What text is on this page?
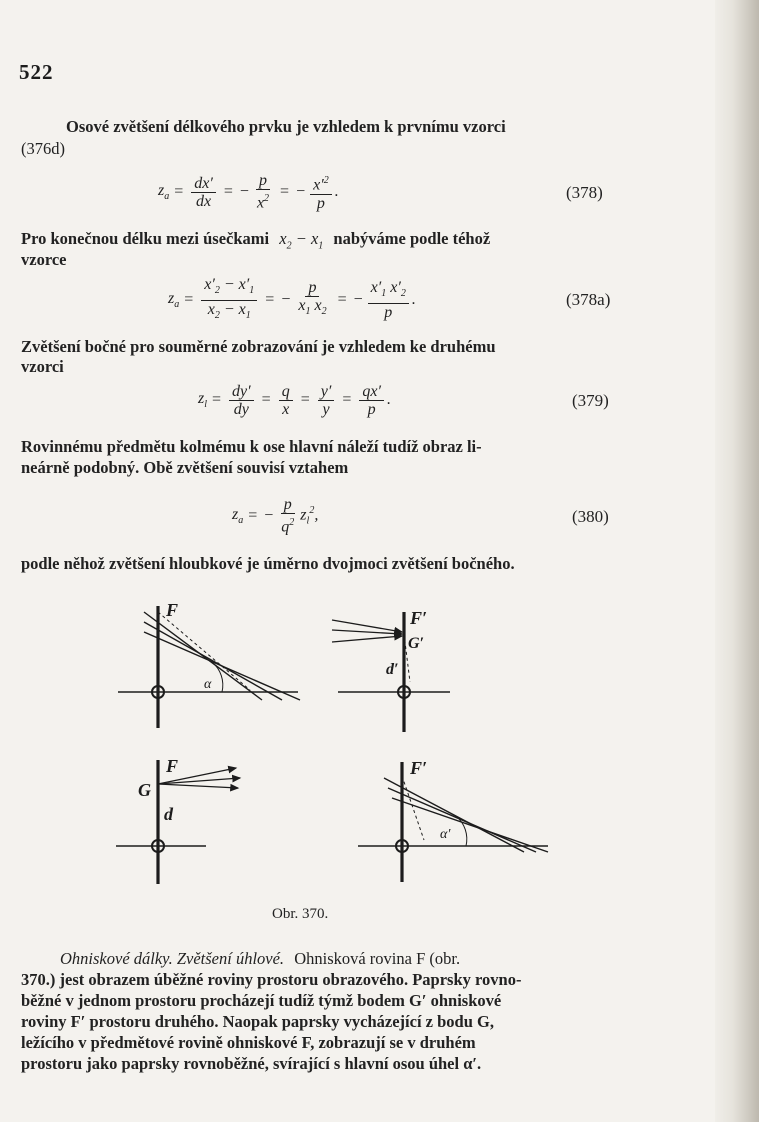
522
Osové zvětšení délkového prvku je vzhledem k prvnímu vzorci
(376d)
$z_a = \frac{dx'}{dx}$ = − $\frac{p}{x^2}$ = − $\frac{x'^2}{p}$ .	(378)
Pro konečnou délku mezi úsečkami $x_2 - x_1$ nabýváme podle téhož
vzorce
$z_a = \frac{x'_2 - x'_1}{x_2 - x_1}$ = − $\frac{p}{x_1 x_2}$ = − $\frac{x'_1 x'_2}{p}$ .	(378a)
Zvětšení bočné pro souměrné zobrazování je vzhledem ke druhému
vzorci
$z_l = \frac{dy'}{dy} = \frac{q}{x} = \frac{y'}{y} = \frac{qx'}{p}$ .	(379)
Rovinnému předmětu kolmému k ose hlavní náleží tudíž obraz li-
neárně podobný. Obě zvětšení souvisí vztahem
$z_a$ = − $\frac{p}{q^2} z_l^2$,	(380)
podle něhož zvětšení hloubkové je úměrno dvojmoci zvětšení bočného.
F
α
F′
G′
d′
F
G
d
F′
α′
Obr. 370.
Ohniskové dálky. Zvětšení úhlové. Ohnisková rovina F (obr.
370.) jest obrazem úběžné roviny prostoru obrazového. Paprsky rovno-
běžné v jednom prostoru procházejí tudíž týmž bodem G′ ohniskové
roviny F′ prostoru druhého. Naopak paprsky vycházející z bodu G,
ležícího v předmětové rovině ohniskové F, zobrazují se v druhém
prostoru jako paprsky rovnoběžné, svírající s hlavní osou úhel α′.
